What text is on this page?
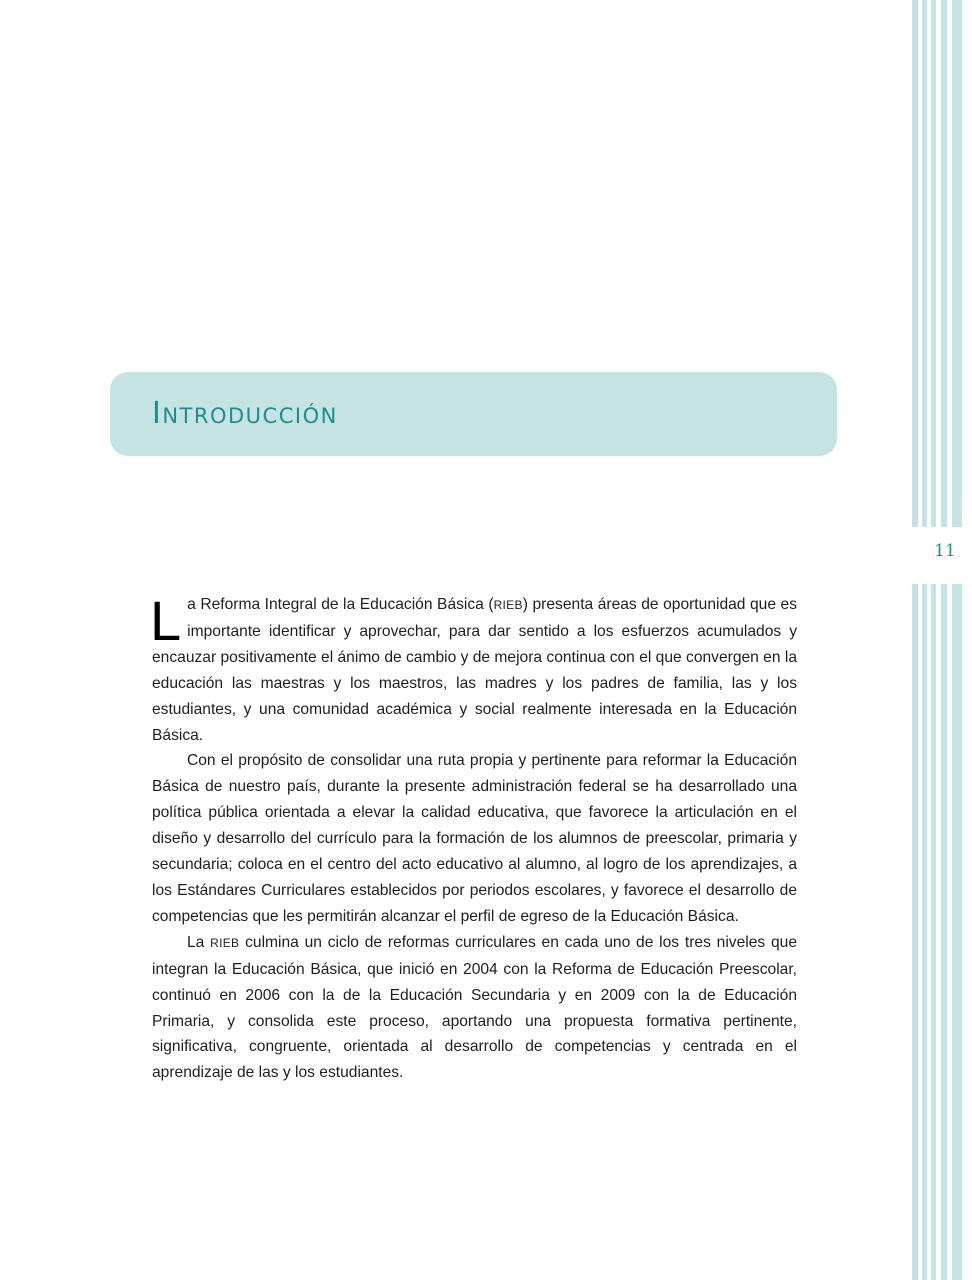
11
Introducción

La Reforma Integral de la Educación Básica (RIEB) presenta áreas de oportunidad que es importante identificar y aprovechar, para dar sentido a los esfuerzos acumulados y encauzar positivamente el ánimo de cambio y de mejora continua con el que convergen en la educación las maestras y los maestros, las madres y los padres de familia, las y los estudiantes, y una comunidad académica y social realmente interesada en la Educación Básica.

Con el propósito de consolidar una ruta propia y pertinente para reformar la Educación Básica de nuestro país, durante la presente administración federal se ha desarrollado una política pública orientada a elevar la calidad educativa, que favorece la articulación en el diseño y desarrollo del currículo para la formación de los alumnos de preescolar, primaria y secundaria; coloca en el centro del acto educativo al alumno, al logro de los aprendizajes, a los Estándares Curriculares establecidos por periodos escolares, y favorece el desarrollo de competencias que les permitirán alcanzar el perfil de egreso de la Educación Básica.

La RIEB culmina un ciclo de reformas curriculares en cada uno de los tres niveles que integran la Educación Básica, que inició en 2004 con la Reforma de Educación Preescolar, continuó en 2006 con la de la Educación Secundaria y en 2009 con la de Educación Primaria, y consolida este proceso, aportando una propuesta formativa pertinente, significativa, congruente, orientada al desarrollo de competencias y centrada en el aprendizaje de las y los estudiantes.
